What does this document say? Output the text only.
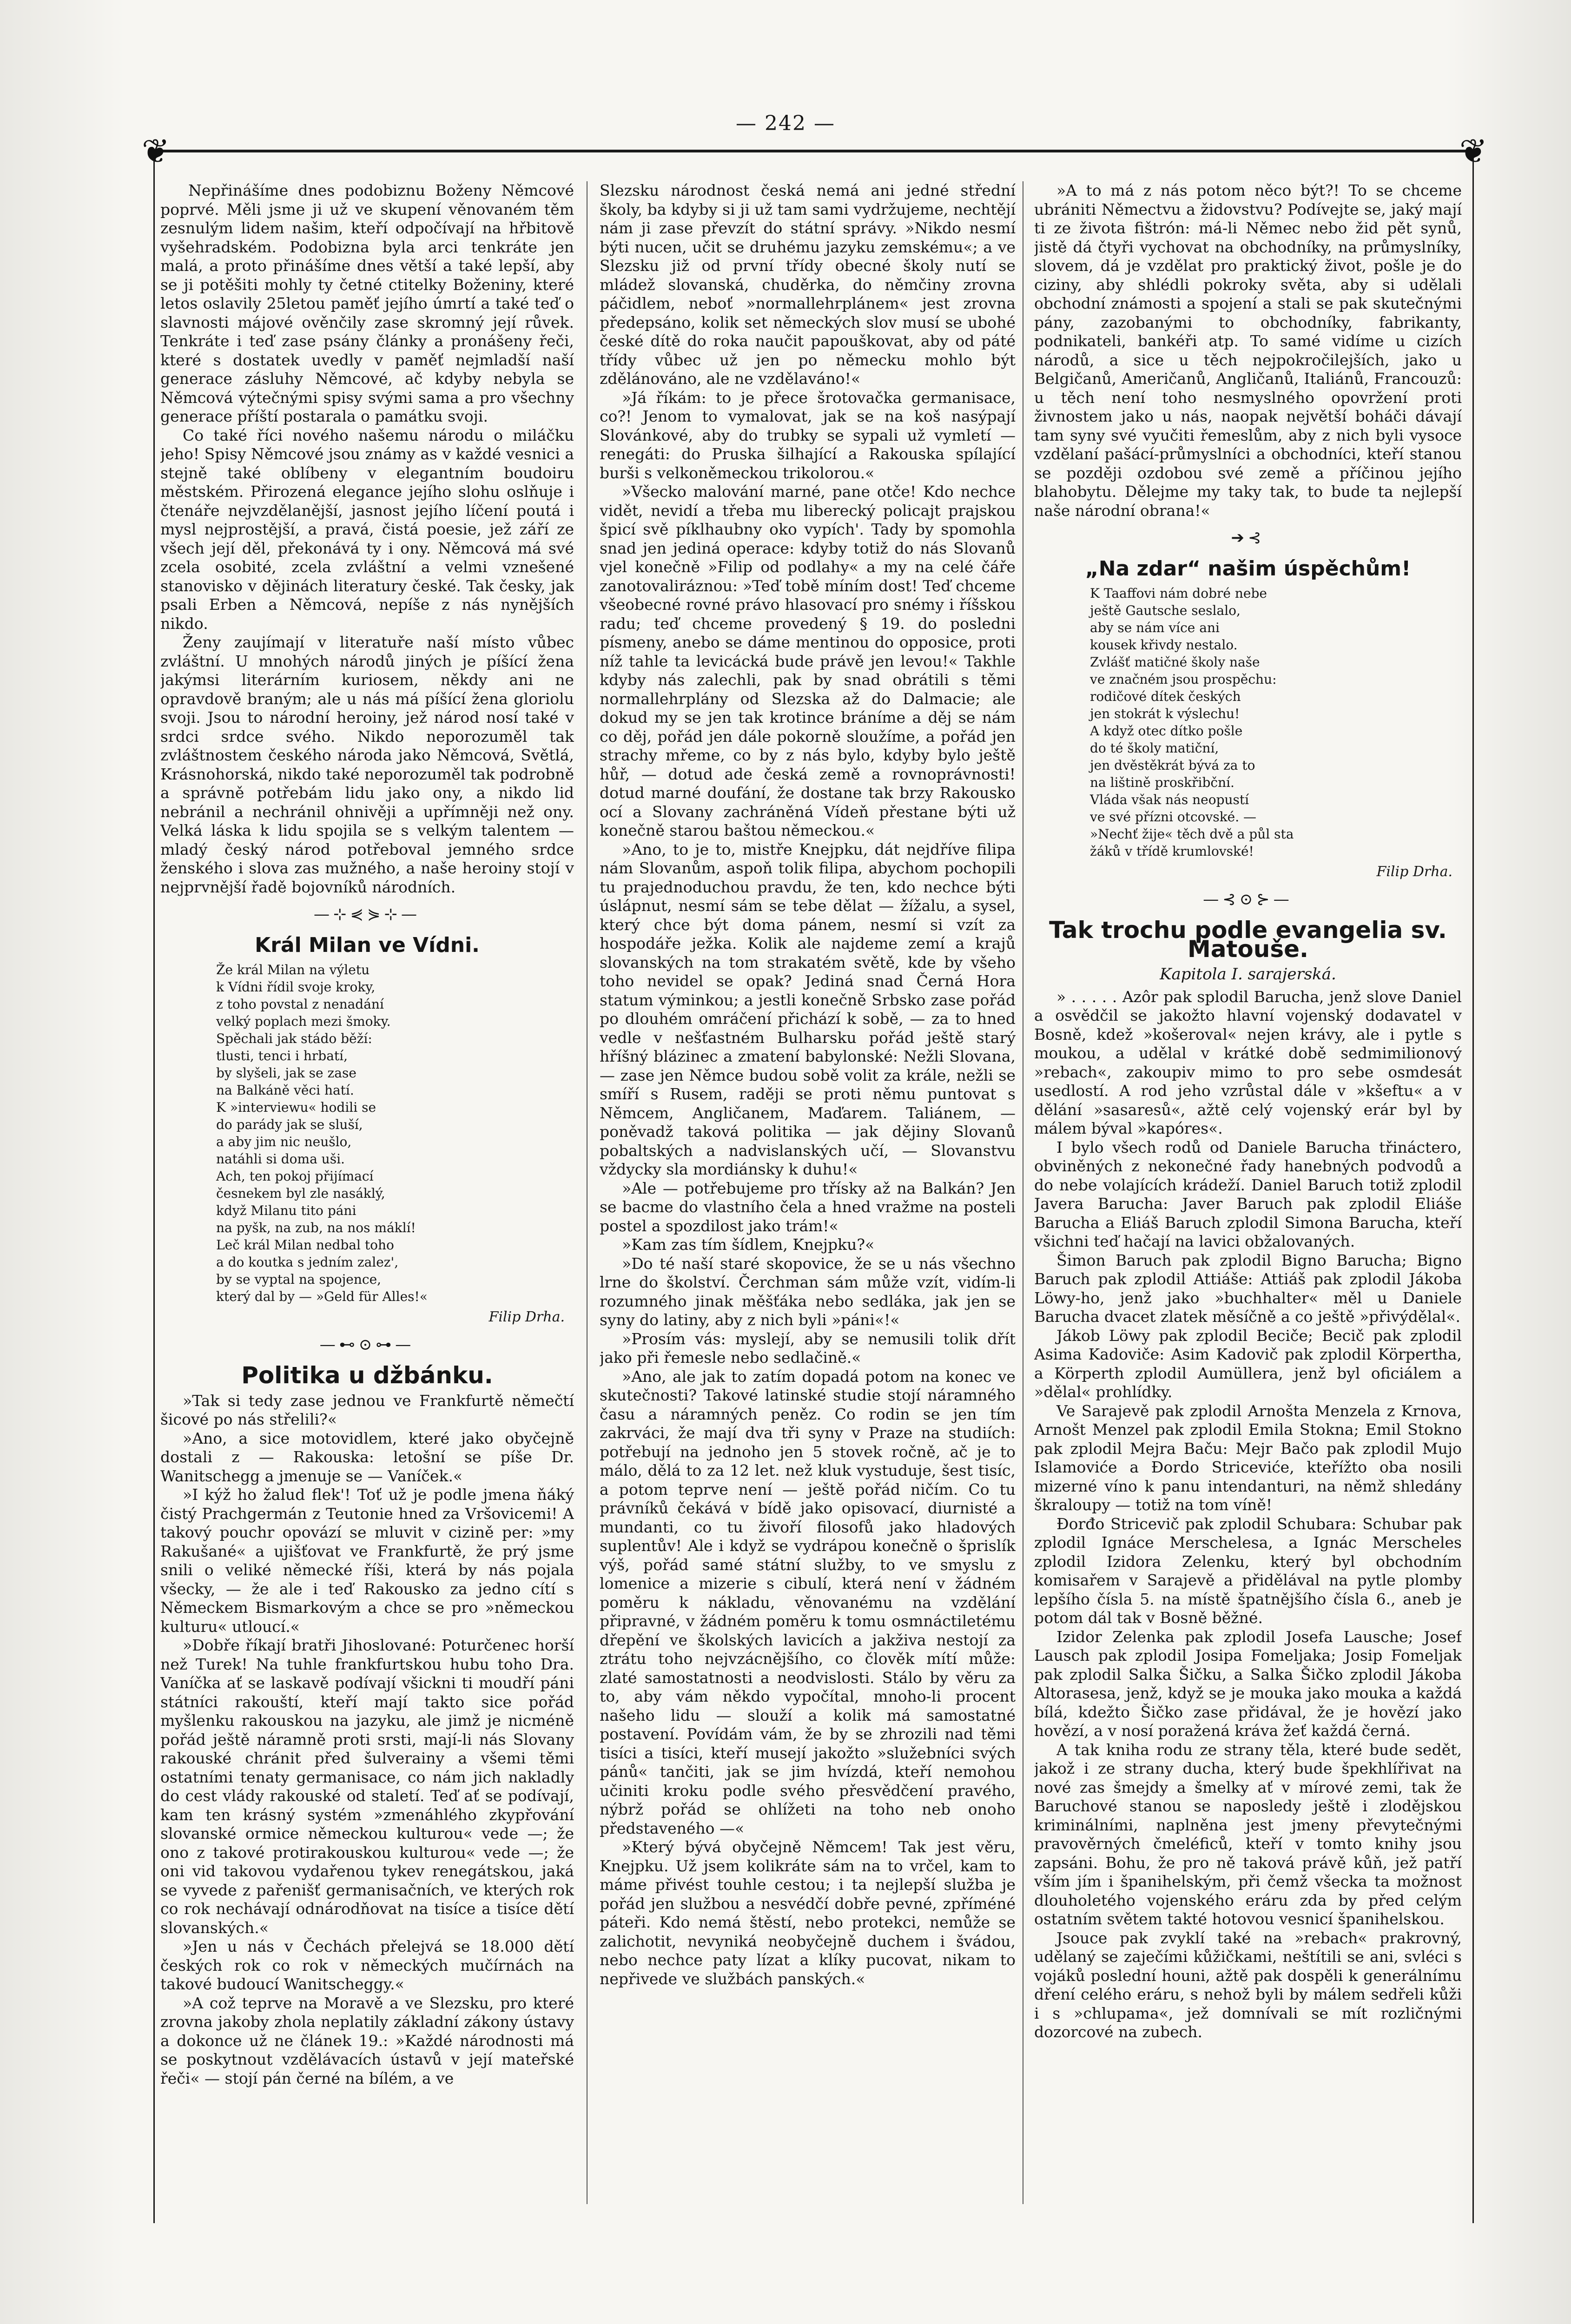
— 242 —
❦	❦

Nepřinášíme dnes podobiznu Boženy Němcové poprvé. Měli jsme ji už ve skupení věnovaném těm zesnulým lidem našim, kteří odpočívají na hřbitově vyšehradském. Podobizna byla arci tenkráte jen malá, a proto přinášíme dnes větší a také lepší, aby se ji potěšiti mohly ty četné ctitelky Boženiny, které letos oslavily 25letou paměť jejího úmrtí a také teď o slavnosti májové ověnčily zase skromný její růvek. Tenkráte i teď zase psány články a pronášeny řeči, které s dostatek uvedly v paměť nejmladší naší generace zásluhy Němcové, ač kdyby nebyla se Němcová výtečnými spisy svými sama a pro všechny generace příští postarala o památku svoji.

Co také říci nového našemu národu o miláčku jeho! Spisy Němcové jsou známy as v každé vesnici a stejně také oblíbeny v elegantním boudoiru městském. Přirozená elegance jejího slohu oslňuje i čtenáře nejvzdělanější, jasnost jejího líčení poutá i mysl nejprostější, a pravá, čistá poesie, jež září ze všech její děl, překonává ty i ony. Němcová má své zcela osobité, zcela zvláštní a velmi vznešené stanovisko v dějinách literatury české. Tak česky, jak psali Erben a Němcová, nepíše z nás nynějších nikdo.

Ženy zaujímají v literatuře naší místo vůbec zvláštní. U mnohých národů jiných je píšící žena jakýmsi literárním kuriosem, někdy ani ne opravdově braným; ale u nás má píšící žena gloriolu svoji. Jsou to národní heroiny, jež národ nosí také v srdci srdce svého. Nikdo neporozuměl tak zvláštnostem českého národa jako Němcová, Světlá, Krásnohorská, nikdo také neporozuměl tak podrobně a správně potřebám lidu jako ony, a nikdo lid nebránil a nechránil ohnivěji a upřímněji než ony. Velká láska k lidu spojila se s velkým talentem — mladý český národ potřeboval jemného srdce ženského i slova zas mužného, a naše heroiny stojí v nejprvnější řadě bojovníků národních.

—⊹⋞⋟⊹—
Král Milan ve Vídni.
Že král Milan na výletu
k Vídni řídil svoje kroky,
z toho povstal z nenadání
velký poplach mezi šmoky.
Spěchali jak stádo běží:
tlusti, tenci i hrbatí,
by slyšeli, jak se zase
na Balkáně věci hatí.
K »interviewu« hodili se
do parády jak se sluší,
a aby jim nic neušlo,
natáhli si doma uši.
Ach, ten pokoj přijímací
česnekem byl zle nasáklý,
když Milanu tito páni
na pyšk, na zub, na nos máklí!
Leč král Milan nedbal toho
a do koutka s jedním zalez',
by se vyptal na spojence,
který dal by — »Geld für Alles!«
Filip Drha.
—⊷⊙⊶—
Politika u džbánku.

»Tak si tedy zase jednou ve Frankfurtě němečtí šicové po nás střelili?«

»Ano, a sice motovidlem, které jako obyčejně dostali z — Rakouska: letošní se píše Dr. Wanitschegg a jmenuje se — Vaníček.«

»I kýž ho žalud flek'! Toť už je podle jmena ňáký čistý Prachgermán z Teutonie hned za Vršovicemi! A takový pouchr opovází se mluvit v cizině per: »my Rakušané« a ujišťovat ve Frankfurtě, že prý jsme snili o veliké německé říši, která by nás pojala všecky, — že ale i teď Rakousko za jedno cítí s Německem Bismarkovým a chce se pro »německou kulturu« utloucí.«

»Dobře říkají bratři Jihoslované: Poturčenec horší než Turek! Na tuhle frankfurtskou hubu toho Dra. Vaníčka ať se laskavě podívají všickni ti moudří páni státníci rakouští, kteří mají takto sice pořád myšlenku rakouskou na jazyku, ale jimž je nicméně pořád ještě náramně proti srsti, mají-li nás Slovany rakouské chránit před šulverainy a všemi těmi ostatními tenaty germanisace, co nám jich nakladly do cest vlády rakouské od staletí. Teď ať se podívají, kam ten krásný systém »zmenáhlého zkypřování slovanské ormice německou kulturou« vede —; že ono z takové protirakouskou kulturou« vede —; že oni vid takovou vydařenou tykev renegátskou, jaká se vyvede z pařenišť germanisačních, ve kterých rok co rok nechávají odnárodňovat na tisíce a tisíce dětí slovanských.«

»Jen u nás v Čechách přelejvá se 18.000 dětí českých rok co rok v německých mučírnách na takové budoucí Wanitscheggy.«

»A což teprve na Moravě a ve Slezsku, pro které zrovna jakoby zhola neplatily základní zákony ústavy a dokonce už ne článek 19.: »Každé národnosti má se poskytnout vzdělávacích ústavů v její mateřské řeči« — stojí pán černé na bílém, a ve

Slezsku národnost česká nemá ani jedné střední školy, ba kdyby si ji už tam sami vydržujeme, nechtějí nám ji zase převzít do státní správy. »Nikdo nesmí býti nucen, učit se druhému jazyku zemskému«; a ve Slezsku již od první třídy obecné školy nutí se mládež slovanská, chuděrka, do němčiny zrovna páčidlem, neboť »normallehrplánem« jest zrovna předepsáno, kolik set německých slov musí se ubohé české dítě do roka naučit papouškovat, aby od páté třídy vůbec už jen po německu mohlo být zdělánováno, ale ne vzdělaváno!«

»Já říkám: to je přece šrotovačka germanisace, co?! Jenom to vymalovat, jak se na koš nasýpají Slovánkové, aby do trubky se sypali už vymletí — renegáti: do Pruska šilhající a Rakouska spílající burši s velkoněmeckou trikolorou.«

»Všecko malování marné, pane otče! Kdo nechce vidět, nevidí a třeba mu liberecký policajt prajskou špicí svě píklhaubny oko vypích'. Tady by spomohla snad jen jediná operace: kdyby totiž do nás Slovanů vjel konečně »Filip od podlahy« a my na celé čáře zanotovaliráznou: »Teď tobě míním dost! Teď chceme všeobecné rovné právo hlasovací pro snémy i říšskou radu; teď chceme provedený § 19. do posledni písmeny, anebo se dáme mentinou do opposice, proti níž tahle ta levicácká bude právě jen levou!« Takhle kdyby nás zalechli, pak by snad obrátili s těmi normallehrplány od Slezska až do Dalmacie; ale dokud my se jen tak krotince bráníme a děj se nám co děj, pořád jen dále pokorně sloužíme, a pořád jen strachy mřeme, co by z nás bylo, kdyby bylo ještě hůř, — dotud ade česká země a rovnoprávnosti! dotud marné doufání, že dostane tak brzy Rakousko ocí a Slovany zachráněná Vídeň přestane býti už konečně starou baštou německou.«

»Ano, to je to, mistře Knejpku, dát nejdříve filipa nám Slovanům, aspoň tolik filipa, abychom pochopili tu prajednoduchou pravdu, že ten, kdo nechce býti úslápnut, nesmí sám se tebe dělat — žížalu, a sysel, který chce být doma pánem, nesmí si vzít za hospodáře ježka. Kolik ale najdeme zemí a krajů slovanských na tom strakatém světě, kde by všeho toho nevidel se opak? Jediná snad Černá Hora statum výminkou; a jestli konečně Srbsko zase pořád po dlouhém omráčení přichází k sobě, — za to hned vedle v nešťastném Bulharsku pořád ještě starý hříšný blázinec a zmatení babylonské: Nežli Slovana, — zase jen Němce budou sobě volit za krále, nežli se smíří s Rusem, raději se proti němu puntovat s Němcem, Angličanem, Maďarem. Taliánem, — poněvadž taková politika — jak dějiny Slovanů pobaltských a nadvislanských učí, — Slovanstvu vždycky sla mordiánsky k duhu!«

»Ale — potřebujeme pro třísky až na Balkán? Jen se bacme do vlastního čela a hned vražme na posteli postel a spozdilost jako trám!«

»Kam zas tím šídlem, Knejpku?«

»Do té naší staré skopovice, že se u nás všechno lrne do školství. Čerchman sám může vzít, vidím-li rozumného jinak měšťáka nebo sedláka, jak jen se syny do latiny, aby z nich byli »páni«!«

»Prosím vás: myslejí, aby se nemusili tolik dřít jako při řemesle nebo sedlačině.«

»Ano, ale jak to zatím dopadá potom na konec ve skutečnosti? Takové latinské studie stojí náramného času a náramných peněz. Co rodin se jen tím zakrváci, že mají dva tři syny v Praze na studiích: potřebují na jednoho jen 5 stovek ročně, ač je to málo, dělá to za 12 let. než kluk vystuduje, šest tisíc, a potom teprve není — ještě pořád ničím. Co tu právníků čekává v bídě jako opisovací, diurnisté a mundanti, co tu živoří filosofů jako hladových suplentův! Ale i když se vydrápou konečně o šprislík výš, pořád samé státní služby, to ve smyslu z lomenice a mizerie s cibulí, která není v žádném poměru k nákladu, věnovanému na vzdělání připravné, v žádném poměru k tomu osmnáctiletému dřepění ve školských lavicích a jakživa nestojí za ztrátu toho nejvzácnějšího, co člověk mítí může: zlaté samostatnosti a neodvislosti. Stálo by věru za to, aby vám někdo vypočítal, mnoho-li procent našeho lidu — slouží a kolik má samostatné postavení. Povídám vám, že by se zhrozili nad těmi tisíci a tisíci, kteří musejí jakožto »služebníci svých pánů« tančiti, jak se jim hvízdá, kteří nemohou učiniti kroku podle svého přesvědčení pravého, nýbrž pořád se ohlížeti na toho neb onoho představeného —«

»Který bývá obyčejně Němcem! Tak jest věru, Knejpku. Už jsem kolikráte sám na to vrčel, kam to máme přivést touhle cestou; i ta nejlepší služba je pořád jen službou a nesvédčí dobře pevné, zpříméné páteři. Kdo nemá štěstí, nebo protekci, nemůže se zalichotit, nevyniká neobyčejně duchem i švádou, nebo nechce paty lízat a klíky pucovat, nikam to nepřivede ve službách panských.«

»A to má z nás potom něco být?! To se chceme ubrániti Němectvu a židovstvu? Podívejte se, jaký mají ti ze života fištrón: má-li Němec nebo žid pět synů, jistě dá čtyři vychovat na obchodníky, na průmyslníky, slovem, dá je vzdělat pro praktický život, pošle je do ciziny, aby shlédli pokroky světa, aby si udělali obchodní známosti a spojení a stali se pak skutečnými pány, zazobanými to obchodníky, fabrikanty, podnikateli, bankéři atp. To samé vidíme u cizích národů, a sice u těch nejpokročilejších, jako u Belgičanů, Američanů, Angličanů, Italiánů, Francouzů: u těch není toho nesmyslného opovržení proti živnostem jako u nás, naopak největší boháči dávají tam syny své vyučiti řemeslům, aby z nich byli vysoce vzdělaní pašácí-průmyslníci a obchodníci, kteří stanou se později ozdobou své země a příčinou jejího blahobytu. Dělejme my taky tak, to bude ta nejlepší naše národní obrana!«

➔⊰
„Na zdar“ našim úspěchům!
K Taaffovi nám dobré nebe
ještě Gautsche seslalo,
aby se nám více ani
kousek křivdy nestalo.
Zvlášť matičné školy naše
ve značném jsou prospěchu:
rodičové dítek českých
jen stokrát k výslechu!
A když otec dítko pošle
do té školy matiční,
jen dvěstěkrát bývá za to
na lištině proskřibční.
Vláda však nás neopustí
ve své přízni otcovské. —
»Nechť žije« těch dvě a půl sta
žáků v třídě krumlovské!
Filip Drha.
—⊰⊙⊱—
Tak trochu podle evangelia sv. Matouše.
Kapitola I. sarajerská.

» . . . . . Azôr pak splodil Barucha, jenž slove Daniel a osvědčil se jakožto hlavní vojenský dodavatel v Bosně, kdež »košeroval« nejen krávy, ale i pytle s moukou, a udělal v krátké době sedmimilionový »rebach«, zakoupiv mimo to pro sebe osmdesát usedlostí. A rod jeho vzrůstal dále v »kšeftu« a v dělání »sasaresů«, ažtě celý vojenský erár byl by málem býval »kapóres«.

I bylo všech rodů od Daniele Barucha třináctero, obviněných z nekonečné řady hanebných podvodů a do nebe volajících krádeží. Daniel Baruch totiž zplodil Javera Barucha: Javer Baruch pak zplodil Eliáše Barucha a Eliáš Baruch zplodil Simona Barucha, kteří všichni teď hačají na lavici obžalovaných.

Šimon Baruch pak zplodil Bigno Barucha; Bigno Baruch pak zplodil Attiáše: Attiáš pak zplodil Jákoba Löwy-ho, jenž jako »buchhalter« měl u Daniele Barucha dvacet zlatek měsíčně a co ještě »přivýdělal«.

Jákob Löwy pak zplodil Beciče; Becič pak zplodil Asima Kadoviče: Asim Kadovič pak zplodil Körpertha, a Körperth zplodil Aumüllera, jenž byl oficiálem a »dělal« prohlídky.

Ve Sarajevě pak zplodil Arnošta Menzela z Krnova, Arnošt Menzel pak zplodil Emila Stokna; Emil Stokno pak zplodil Mejra Baču: Mejr Bačo pak zplodil Mujo Islamoviće a Đordo Striceviće, kteřížto oba nosili mizerné víno k panu intendanturi, na němž shledány škraloupy — totiž na tom víně!

Đorđo Stricevič pak zplodil Schubara: Schubar pak zplodil Ignáce Merschelesa, a Ignác Merscheles zplodil Izidora Zelenku, který byl obchodním komisařem v Sarajevě a přidělával na pytle plomby lepšího čísla 5. na místě špatnějšího čísla 6., aneb je potom dál tak v Bosně běžné.

Izidor Zelenka pak zplodil Josefa Lausche; Josef Lausch pak zplodil Josipa Fomeljaka; Josip Fomeljak pak zplodil Salka Šičku, a Salka Šičko zplodil Jákoba Altorasesa, jenž, když se je mouka jako mouka a každá bílá, kdežto Šičko zase přidával, že je hovězí jako hovězí, a v nosí poražená kráva žeť každá černá.

A tak kniha rodu ze strany těla, které bude sedět, jakož i ze strany ducha, který bude špekhlířivat na nové zas šmejdy a šmelky ať v mírové zemi, tak že Baruchové stanou se naposledy ještě i zlodějskou kriminálními, naplněna jest jmeny převytečnými pravověrných čmeléficů, kteří v tomto knihy jsou zapsáni. Bohu, že pro ně taková právě kůň, jež patří vším jím i španihelským, při čemž všecka ta možnost dlouholetého vojenského eráru zda by před celým ostatním světem takté hotovou vesnicí španihelskou.

Jsouce pak zvyklí také na »rebach« prakrovný, udělaný se zaječími kůžičkami, neštítili se ani, svléci s vojáků poslední houni, ažtě pak dospěli k generálnímu dření celého eráru, s nehož byli by málem sedřeli kůži i s »chlupama«, jež domnívali se mít rozličnými dozorcové na zubech.
